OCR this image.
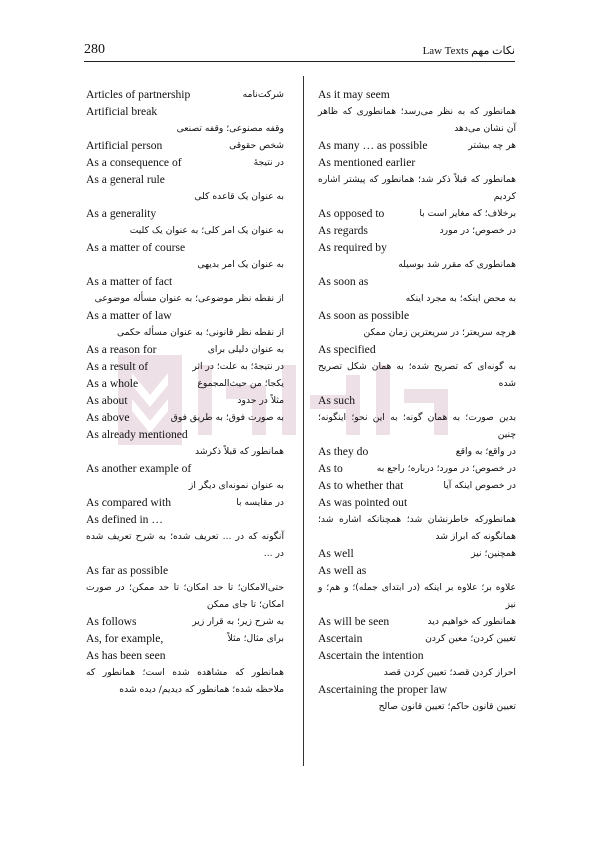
280	نکات مهم Law Texts
As it may seem
همانطور که به نظر می‌رسد؛ همانطوری که ظاهر آن نشان می‌دهد
As many … as possible	هر چه بیشتر
As mentioned earlier
همانطور که قبلاً ذکر شد؛ همانطور که پیشتر اشاره کردیم
As opposed to	برخلاف؛ که مغایر است با
As regards	در خصوص؛ در مورد
As required by
همانطوری که مقرر شد بوسیله
As soon as
به محض اینکه؛ به مجرد اینکه
As soon as possible
هرچه سریعتر؛ در سریعترین زمان ممکن
As specified
به گونه‌ای که تصریح شده؛ به همان شکل تصریح شده
As such
بدین صورت؛ به همان گونه؛ به این نحو؛ اینگونه؛ چنین
As they do	در واقع؛ به واقع
As to	در خصوص؛ در مورد؛ درباره؛ راجع به
As to whether that	در خصوص اینکه آیا
As was pointed out
همانطورکه خاطرنشان شد؛ همچنانکه اشاره شد؛ همانگونه که ابراز شد
As well	همچنین؛ نیز
As well as
علاوه بر؛ علاوه بر اینکه (در ابتدای جمله)؛ و هم؛ و نیز
As will be seen	همانطور که خواهیم دید
Ascertain	تعیین کردن؛ معین کردن
Ascertain the intention
احراز کردن قصد؛ تعیین کردن قصد
Ascertaining the proper law
تعیین قانون حاکم؛ تعیین قانون صالح
Articles of partnership	شرکت‌نامه
Artificial break
وقفه مصنوعی؛ وقفه تصنعی
Artificial person	شخص حقوقی
As a consequence of	در نتیجهٔ
As a general rule
به عنوان یک قاعده کلی
As a generality
به عنوان یک امر کلی؛ به عنوان یک کلیت
As a matter of course
به عنوان یک امر بدیهی
As a matter of fact
از نقطه نظر موضوعی؛ به عنوان مسأله موضوعی
As a matter of law
از نقطه نظر قانونی؛ به عنوان مسأله حکمی
As a reason for	به عنوان دلیلی برای
As a result of	در نتیجهٔ؛ به علت؛ در اثر
As a whole	یکجا؛ من حیث‌المجموع
As about	مثلاً در حدود
As above	به صورت فوق؛ به طریق فوق
As already mentioned
همانطور که قبلاً ذکرشد
As another example of
به عنوان نمونه‌ای دیگر از
As compared with	در مقایسه با
As defined in …
آنگونه که در ... تعریف شده؛ به شرح تعریف شده در ...
As far as possible
حتی‌الامکان؛ تا حد امکان؛ تا حد ممکن؛ در صورت امکان؛ تا جای ممکن
As follows	به شرح زیر؛ به قرار زیر
As, for example,	برای مثال؛ مثلاً
As has been seen
همانطور که مشاهده شده است؛ همانطور که ملاحظه شده؛ همانطور که دیدیم/ دیده شده
